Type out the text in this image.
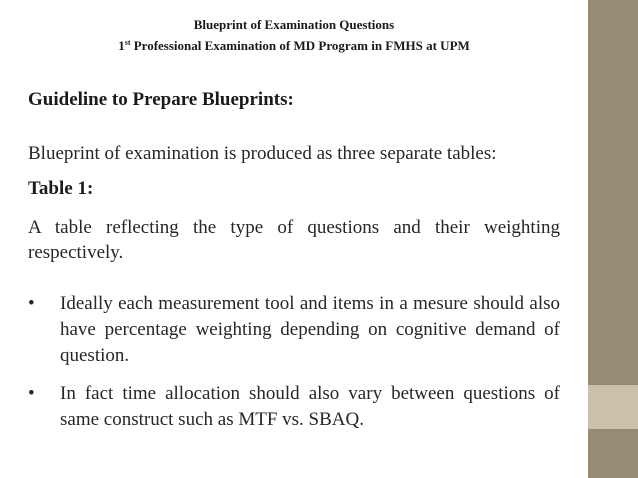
Blueprint of Examination Questions
1st Professional Examination of MD Program in FMHS at UPM
Guideline to Prepare Blueprints:
Blueprint of examination is produced as three separate tables:
Table 1:
A table reflecting the type of questions and their weighting respectively.
•	Ideally each measurement tool and items in a mesure should also have percentage weighting depending on cognitive demand of question.
•	In fact time allocation should also vary between questions of same construct such as MTF vs. SBAQ.
